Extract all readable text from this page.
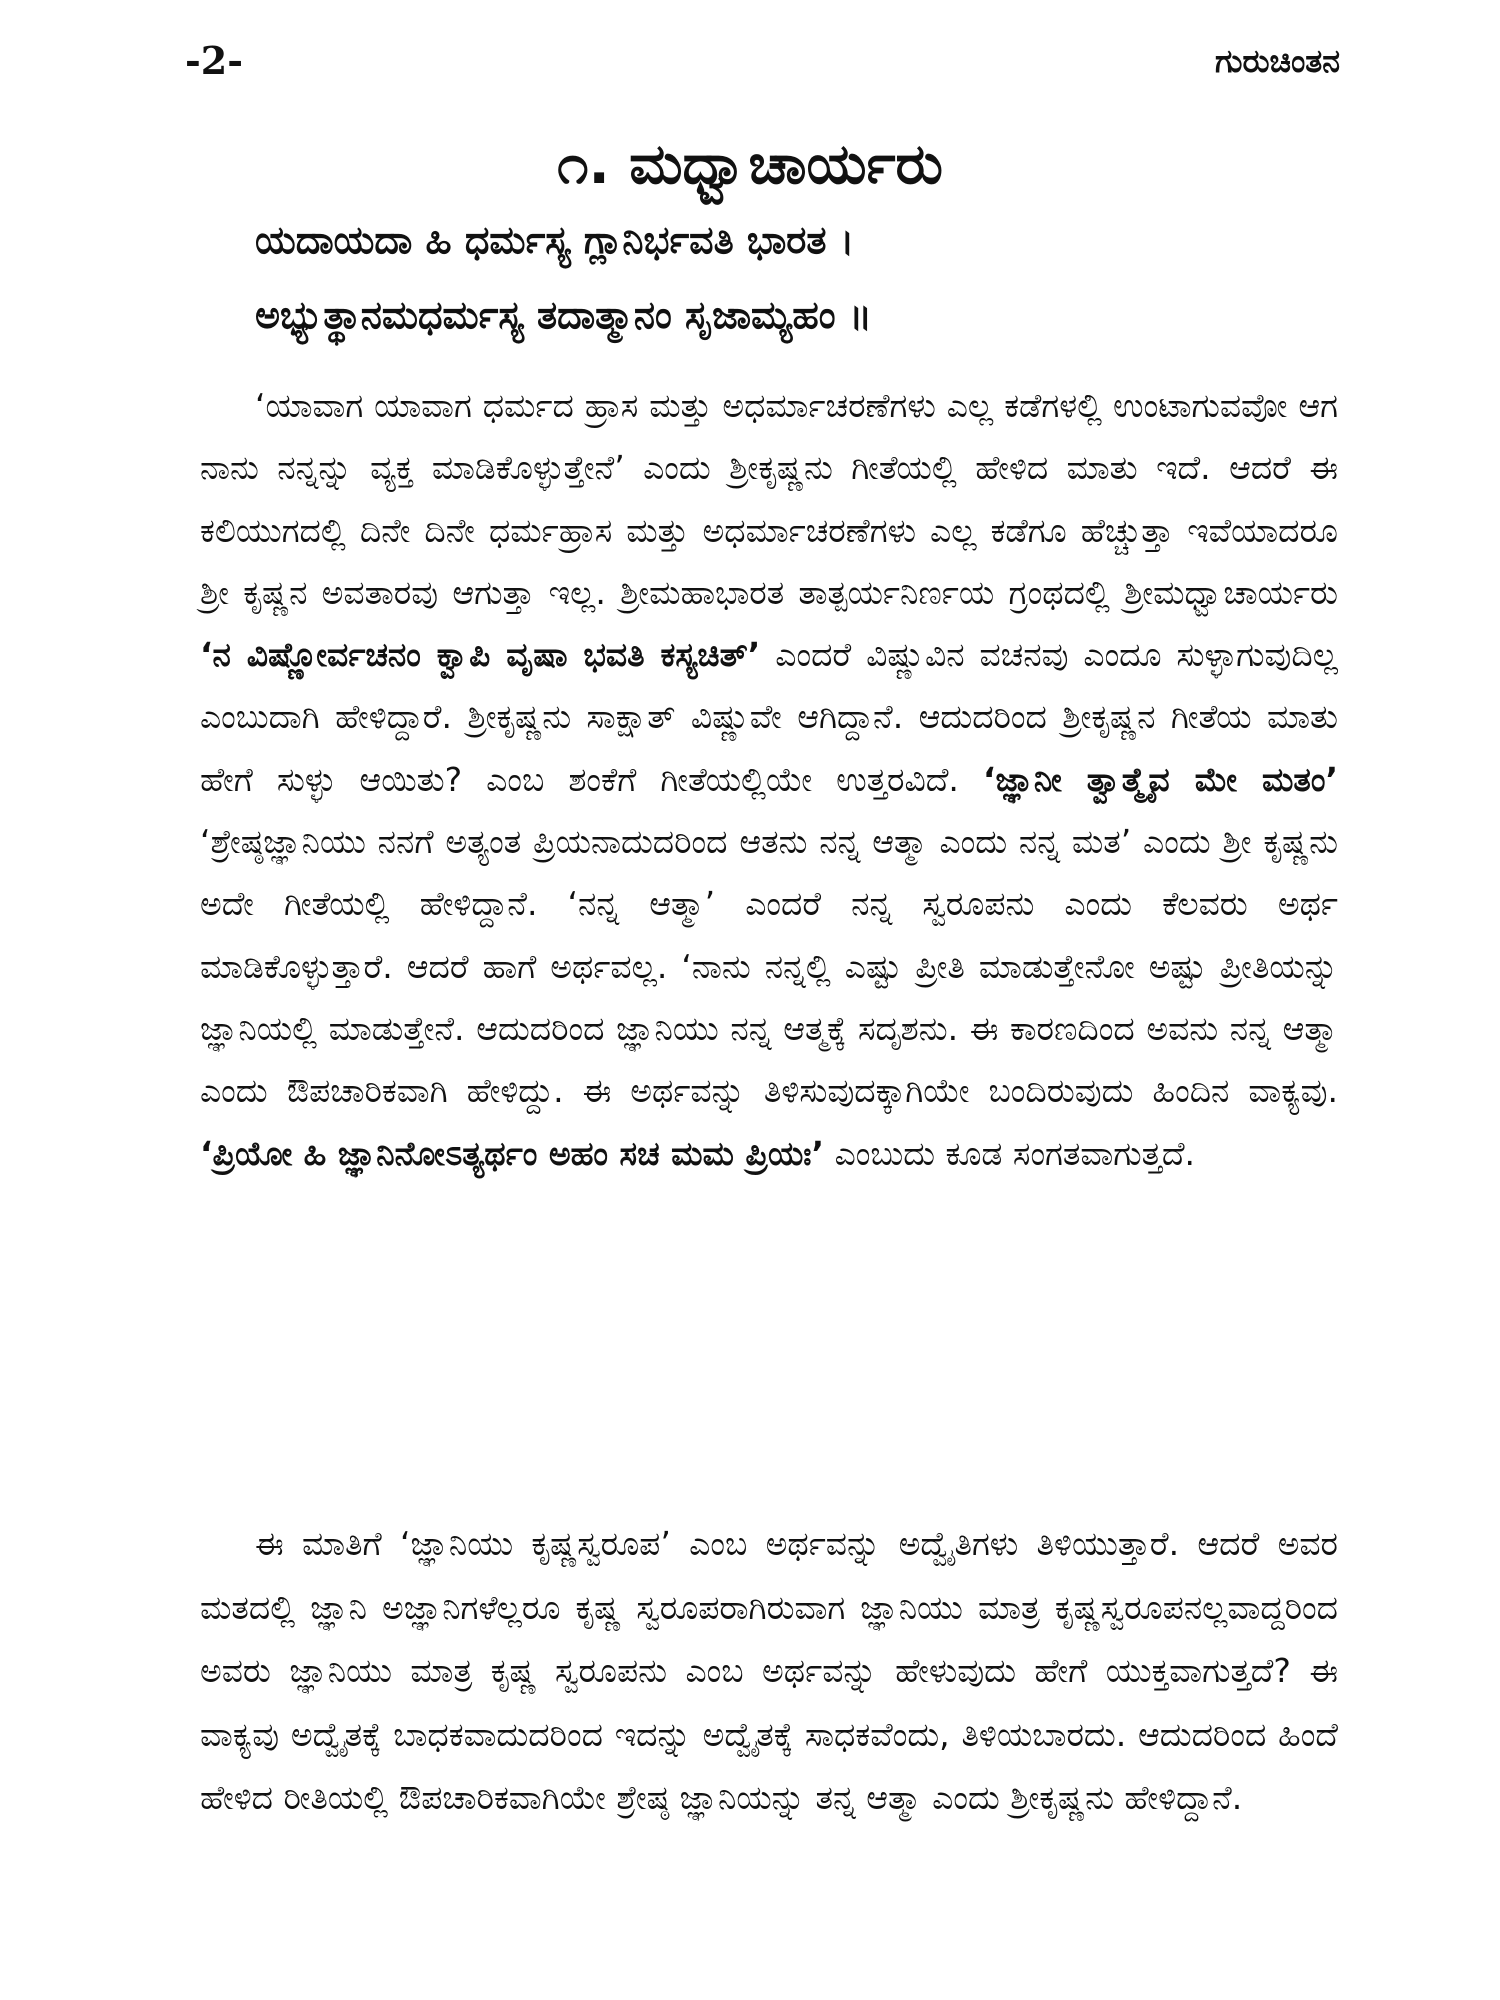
-2-	ಗುರುಚಿಂತನ
೧. ಮಧ್ವಾಚಾರ್ಯರು
ಯದಾಯದಾ ಹಿ ಧರ್ಮಸ್ಯ ಗ್ಲಾನಿರ್ಭವತಿ ಭಾರತ ।
ಅಭ್ಯುತ್ಥಾನಮಧರ್ಮಸ್ಯ ತದಾತ್ಮಾನಂ ಸೃಜಾಮ್ಯಹಂ ॥

‘ಯಾವಾಗ ಯಾವಾಗ ಧರ್ಮದ ಹ್ರಾಸ ಮತ್ತು ಅಧರ್ಮಾಚರಣೆಗಳು ಎಲ್ಲ ಕಡೆಗಳಲ್ಲಿ ಉಂಟಾಗುವವೋ ಆಗ ನಾನು ನನ್ನನ್ನು ವ್ಯಕ್ತ ಮಾಡಿಕೊಳ್ಳುತ್ತೇನೆ’ ಎಂದು ಶ್ರೀಕೃಷ್ಣನು ಗೀತೆಯಲ್ಲಿ ಹೇಳಿದ ಮಾತು ಇದೆ. ಆದರೆ ಈ ಕಲಿಯುಗದಲ್ಲಿ ದಿನೇ ದಿನೇ ಧರ್ಮಹ್ರಾಸ ಮತ್ತು ಅಧರ್ಮಾಚರಣೆಗಳು ಎಲ್ಲ ಕಡೆಗೂ ಹೆಚ್ಚುತ್ತಾ ಇವೆಯಾದರೂ ಶ್ರೀ ಕೃಷ್ಣನ ಅವತಾರವು ಆಗುತ್ತಾ ಇಲ್ಲ. ಶ್ರೀಮಹಾಭಾರತ ತಾತ್ಪರ್ಯನಿರ್ಣಯ ಗ್ರಂಥದಲ್ಲಿ ಶ್ರೀಮಧ್ವಾಚಾರ್ಯರು ‘ನ ವಿಷ್ಣೋರ್ವಚನಂ ಕ್ವಾಪಿ ವೃಷಾ ಭವತಿ ಕಸ್ಯಚಿತ್’ ಎಂದರೆ ವಿಷ್ಣುವಿನ ವಚನವು ಎಂದೂ ಸುಳ್ಳಾಗುವುದಿಲ್ಲ ಎಂಬುದಾಗಿ ಹೇಳಿದ್ದಾರೆ. ಶ್ರೀಕೃಷ್ಣನು ಸಾಕ್ಷಾತ್ ವಿಷ್ಣುವೇ ಆಗಿದ್ದಾನೆ. ಆದುದರಿಂದ ಶ್ರೀಕೃಷ್ಣನ ಗೀತೆಯ ಮಾತು ಹೇಗೆ ಸುಳ್ಳು ಆಯಿತು? ಎಂಬ ಶಂಕೆಗೆ ಗೀತೆಯಲ್ಲಿಯೇ ಉತ್ತರವಿದೆ. ‘ಜ್ಞಾನೀ ತ್ವಾತ್ಮೈವ ಮೇ ಮತಂ’ ‘ಶ್ರೇಷ್ಠಜ್ಞಾನಿಯು ನನಗೆ ಅತ್ಯಂತ ಪ್ರಿಯನಾದುದರಿಂದ ಆತನು ನನ್ನ ಆತ್ಮಾ ಎಂದು ನನ್ನ ಮತ’ ಎಂದು ಶ್ರೀ ಕೃಷ್ಣನು ಅದೇ ಗೀತೆಯಲ್ಲಿ ಹೇಳಿದ್ದಾನೆ. ‘ನನ್ನ ಆತ್ಮಾ’ ಎಂದರೆ ನನ್ನ ಸ್ವರೂಪನು ಎಂದು ಕೆಲವರು ಅರ್ಥ ಮಾಡಿಕೊಳ್ಳುತ್ತಾರೆ. ಆದರೆ ಹಾಗೆ ಅರ್ಥವಲ್ಲ. ‘ನಾನು ನನ್ನಲ್ಲಿ ಎಷ್ಟು ಪ್ರೀತಿ ಮಾಡುತ್ತೇನೋ ಅಷ್ಟು ಪ್ರೀತಿಯನ್ನು ಜ್ಞಾನಿಯಲ್ಲಿ ಮಾಡುತ್ತೇನೆ. ಆದುದರಿಂದ ಜ್ಞಾನಿಯು ನನ್ನ ಆತ್ಮಕ್ಕೆ ಸದೃಶನು. ಈ ಕಾರಣದಿಂದ ಅವನು ನನ್ನ ಆತ್ಮಾ ಎಂದು ಔಪಚಾರಿಕವಾಗಿ ಹೇಳಿದ್ದು. ಈ ಅರ್ಥವನ್ನು ತಿಳಿಸುವುದಕ್ಕಾಗಿಯೇ ಬಂದಿರುವುದು ಹಿಂದಿನ ವಾಕ್ಯವು. ‘ಪ್ರಿಯೋ ಹಿ ಜ್ಞಾನಿನೋಽತ್ಯರ್ಥಂ ಅಹಂ ಸಚ ಮಮ ಪ್ರಿಯಃ’ ಎಂಬುದು ಕೂಡ ಸಂಗತವಾಗುತ್ತದೆ.

ಈ ಮಾತಿಗೆ ‘ಜ್ಞಾನಿಯು ಕೃಷ್ಣಸ್ವರೂಪ’ ಎಂಬ ಅರ್ಥವನ್ನು ಅದ್ವೈತಿಗಳು ತಿಳಿಯುತ್ತಾರೆ. ಆದರೆ ಅವರ ಮತದಲ್ಲಿ ಜ್ಞಾನಿ ಅಜ್ಞಾನಿಗಳೆಲ್ಲರೂ ಕೃಷ್ಣ ಸ್ವರೂಪರಾಗಿರುವಾಗ ಜ್ಞಾನಿಯು ಮಾತ್ರ ಕೃಷ್ಣಸ್ವರೂಪನಲ್ಲವಾದ್ದರಿಂದ ಅವರು ಜ್ಞಾನಿಯು ಮಾತ್ರ ಕೃಷ್ಣ ಸ್ವರೂಪನು ಎಂಬ ಅರ್ಥವನ್ನು ಹೇಳುವುದು ಹೇಗೆ ಯುಕ್ತವಾಗುತ್ತದೆ? ಈ ವಾಕ್ಯವು ಅದ್ವೈತಕ್ಕೆ ಬಾಧಕವಾದುದರಿಂದ ಇದನ್ನು ಅದ್ವೈತಕ್ಕೆ ಸಾಧಕವೆಂದು, ತಿಳಿಯಬಾರದು. ಆದುದರಿಂದ ಹಿಂದೆ ಹೇಳಿದ ರೀತಿಯಲ್ಲಿ ಔಪಚಾರಿಕವಾಗಿಯೇ ಶ್ರೇಷ್ಠ ಜ್ಞಾನಿಯನ್ನು ತನ್ನ ಆತ್ಮಾ ಎಂದು ಶ್ರೀಕೃಷ್ಣನು ಹೇಳಿದ್ದಾನೆ.
